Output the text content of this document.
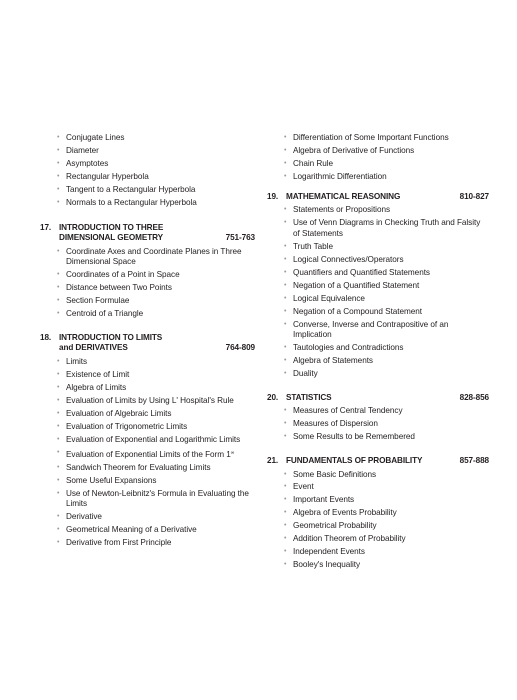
• Conjugate Lines
• Diameter
• Asymptotes
• Rectangular Hyperbola
• Tangent to a Rectangular Hyperbola
• Normals to a Rectangular Hyperbola
17. INTRODUCTION TO THREE
DIMENSIONAL GEOMETRY	751-763
• Coordinate Axes and Coordinate Planes in Three Dimensional Space
• Coordinates of a Point in Space
• Distance between Two Points
• Section Formulae
• Centroid of a Triangle
18. INTRODUCTION TO LIMITS
and DERIVATIVES	764-809
• Limits
• Existence of Limit
• Algebra of Limits
• Evaluation of Limits by Using L' Hospital's Rule
• Evaluation of Algebraic Limits
• Evaluation of Trigonometric Limits
• Evaluation of Exponential and Logarithmic Limits
• Evaluation of Exponential Limits of the Form 1∞
• Sandwich Theorem for Evaluating Limits
• Some Useful Expansions
• Use of Newton-Leibnitz's Formula in Evaluating the Limits
• Derivative
• Geometrical Meaning of a Derivative
• Derivative from First Principle
• Differentiation of Some Important Functions
• Algebra of Derivative of Functions
• Chain Rule
• Logarithmic Differentiation
19. MATHEMATICAL REASONING	810-827
• Statements or Propositions
• Use of Venn Diagrams in Checking Truth and Falsity of Statements
• Truth Table
• Logical Connectives/Operators
• Quantifiers and Quantified Statements
• Negation of a Quantified Statement
• Logical Equivalence
• Negation of a Compound Statement
• Converse, Inverse and Contrapositive of an Implication
• Tautologies and Contradictions
• Algebra of Statements
• Duality
20. STATISTICS	828-856
• Measures of Central Tendency
• Measures of Dispersion
• Some Results to be Remembered
21. FUNDAMENTALS OF PROBABILITY	857-888
• Some Basic Definitions
• Event
• Important Events
• Algebra of Events Probability
• Geometrical Probability
• Addition Theorem of Probability
• Independent Events
• Booley's Inequality
